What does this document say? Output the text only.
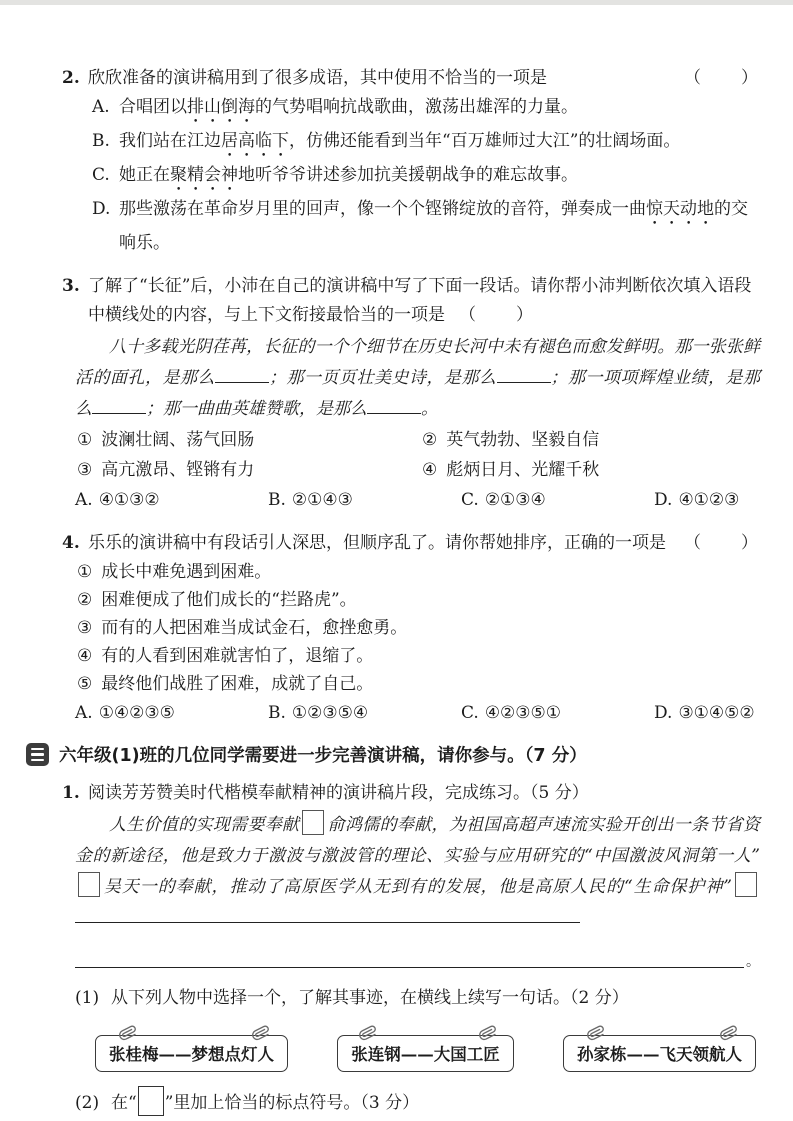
2. 欣欣准备的演讲稿用到了很多成语，其中使用不恰当的一项是	（　　）
A. 合唱团以排山倒海的气势唱响抗战歌曲，激荡出雄浑的力量。
B. 我们站在江边居高临下，仿佛还能看到当年“百万雄师过大江”的壮阔场面。
C. 她正在聚精会神地听爷爷讲述参加抗美援朝战争的难忘故事。
D. 那些激荡在革命岁月里的回声，像一个个铿锵绽放的音符，弹奏成一曲惊天动地的交响乐。
3. 了解了“长征”后，小沛在自己的演讲稿中写了下面一段话。请你帮小沛判断依次填入语段中横线处的内容，与上下文衔接最恰当的一项是 （　　）
八十多载光阴荏苒，长征的一个个细节在历史长河中未有褪色而愈发鲜明。那一张张鲜活的面孔，是那么	；那一页页壮美史诗，是那么	；那一项项辉煌业绩，是那么	；那一曲曲英雄赞歌，是那么	。
① 波澜壮阔、荡气回肠	② 英气勃勃、坚毅自信
③ 高亢激昂、铿锵有力	④ 彪炳日月、光耀千秋
A. ④①③②	B. ②①④③	C. ②①③④	D. ④①②③
4. 乐乐的演讲稿中有段话引人深思，但顺序乱了。请你帮她排序，正确的一项是	（　　）
① 成长中难免遇到困难。
② 困难便成了他们成长的“拦路虎”。
③ 而有的人把困难当成试金石，愈挫愈勇。
④ 有的人看到困难就害怕了，退缩了。
⑤ 最终他们战胜了困难，成就了自己。
A. ①④②③⑤	B. ①②③⑤④	C. ④②③⑤①	D. ③①④⑤②
六年级(1)班的几位同学需要进一步完善演讲稿，请你参与。（7 分）
1. 阅读芳芳赞美时代楷模奉献精神的演讲稿片段，完成练习。（5 分）
人生价值的实现需要奉献 俞鸿儒的奉献，为祖国高超声速流实验开创出一条节省资金的新途径，他是致力于激波与激波管的理论、实验与应用研究的“中国激波风洞第一人”吴天一的奉献，推动了高原医学从无到有的发展，他是高原人民的“生命保护神”
。
(1) 从下列人物中选择一个，了解其事迹，在横线上续写一句话。（2 分）
张桂梅——梦想点灯人	张连钢——大国工匠	孙家栋——飞天领航人
(2) 在“ ”里加上恰当的标点符号。（3 分）
